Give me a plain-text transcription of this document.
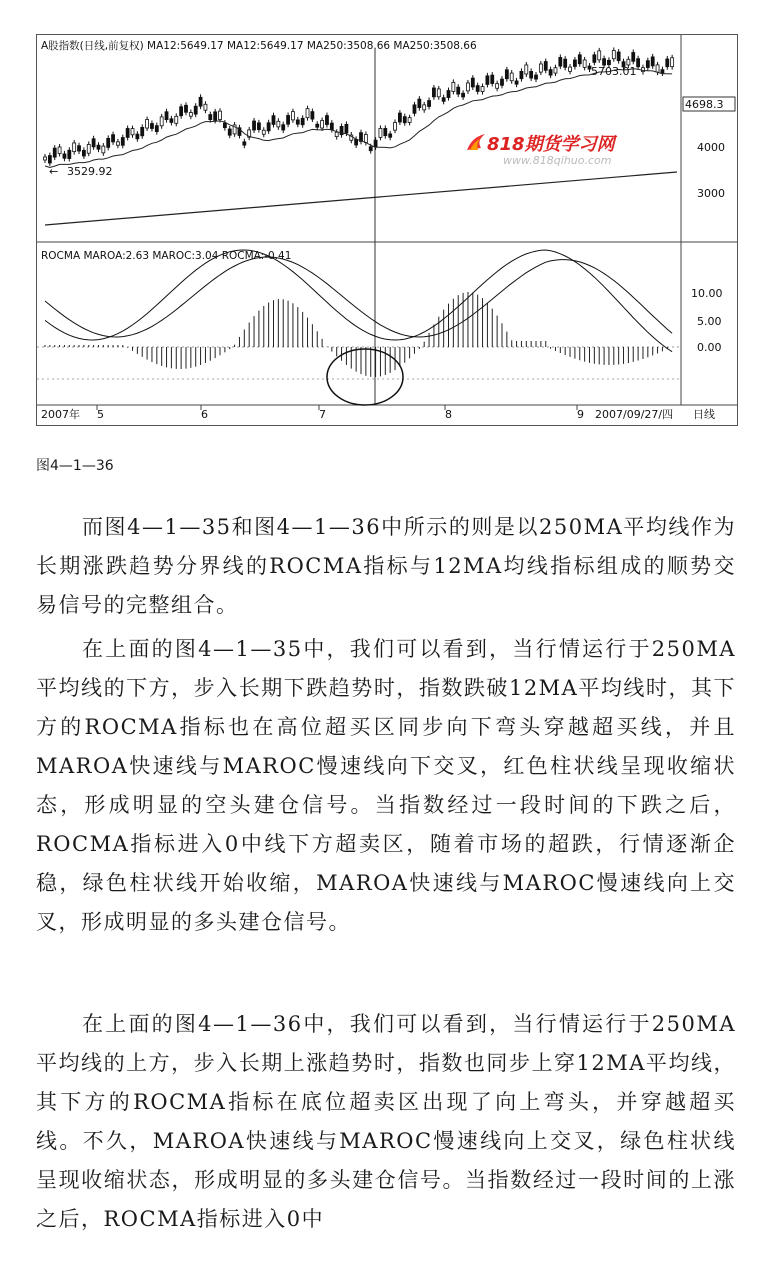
A股指数(日线,前复权) MA12:5649.17 MA12:5649.17 MA250:3508.66 MA250:3508.66
ROCMA MAROA:2.63 MAROC:3.04 ROCMA:-0.41
← 3529.92
5703.01
4698.3
4000
3000
10.00
5.00
0.00
2007年 5	6	7	8	9 2007/09/27/四 日线
818期货学习网
www.818qihuo.com
图4—1—36

而图4—1—35和图4—1—36中所示的则是以250MA平均线作为长期涨跌趋势分界线的ROCMA指标与12MA均线指标组成的顺势交易信号的完整组合。

在上面的图4—1—35中，我们可以看到，当行情运行于250MA平均线的下方，步入长期下跌趋势时，指数跌破12MA平均线时，其下方的ROCMA指标也在高位超买区同步向下弯头穿越超买线，并且MAROA快速线与MAROC慢速线向下交叉，红色柱状线呈现收缩状态，形成明显的空头建仓信号。当指数经过一段时间的下跌之后，ROCMA指标进入0中线下方超卖区，随着市场的超跌，行情逐渐企稳，绿色柱状线开始收缩，MAROA快速线与MAROC慢速线向上交叉，形成明显的多头建仓信号。

在上面的图4—1—36中，我们可以看到，当行情运行于250MA平均线的上方，步入长期上涨趋势时，指数也同步上穿12MA平均线，其下方的ROCMA指标在底位超卖区出现了向上弯头，并穿越超买线。不久，MAROA快速线与MAROC慢速线向上交叉，绿色柱状线呈现收缩状态，形成明显的多头建仓信号。当指数经过一段时间的上涨之后，ROCMA指标进入0中
